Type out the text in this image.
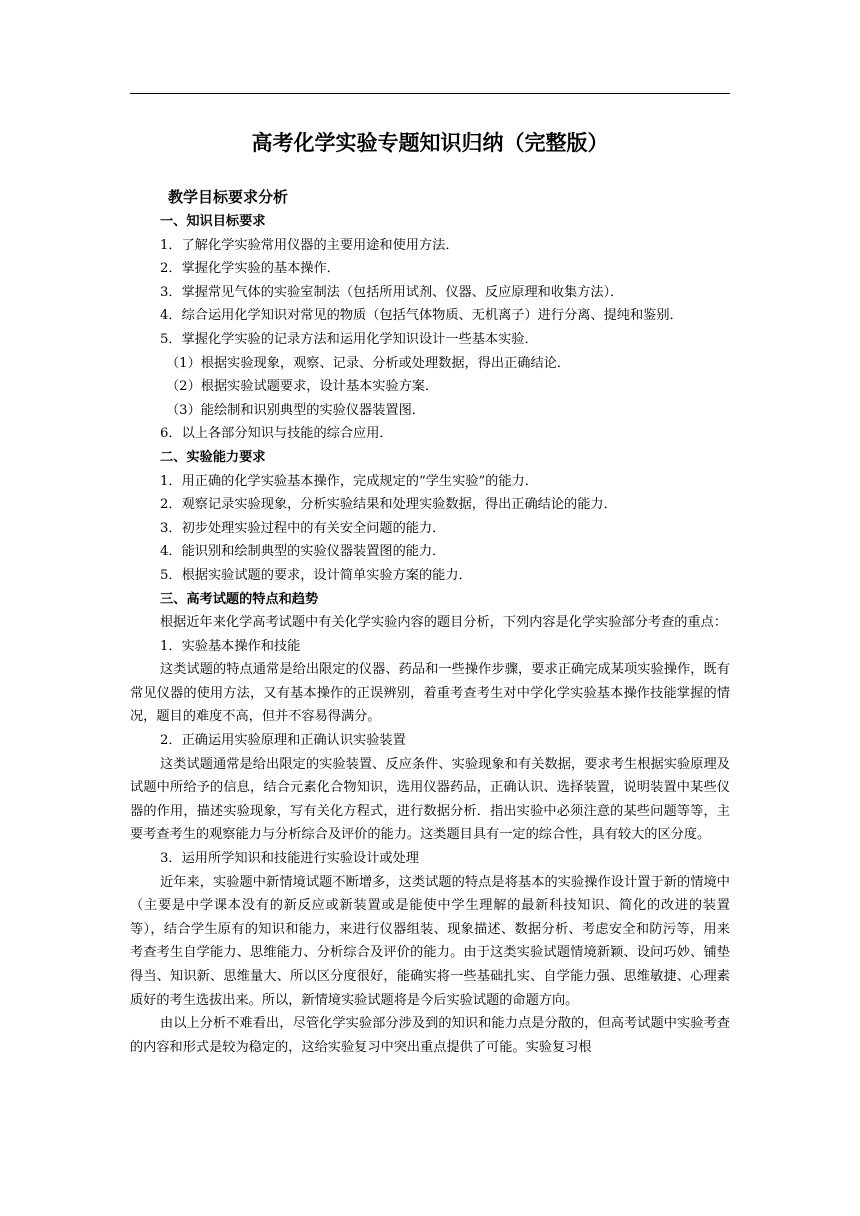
高考化学实验专题知识归纳（完整版）

教学目标要求分析

一、知识目标要求

1．了解化学实验常用仪器的主要用途和使用方法．

2．掌握化学实验的基本操作．

3．掌握常见气体的实验室制法（包括所用试剂、仪器、反应原理和收集方法）．

4．综合运用化学知识对常见的物质（包括气体物质、无机离子）进行分离、提纯和鉴别．

5．掌握化学实验的记录方法和运用化学知识设计一些基本实验．

（1）根据实验现象，观察、记录、分析或处理数据，得出正确结论．

（2）根据实验试题要求，设计基本实验方案．

（3）能绘制和识别典型的实验仪器装置图．

6．以上各部分知识与技能的综合应用．

二、实验能力要求

1．用正确的化学实验基本操作，完成规定的“学生实验”的能力．

2．观察记录实验现象，分析实验结果和处理实验数据，得出正确结论的能力．

3．初步处理实验过程中的有关安全问题的能力．

4．能识别和绘制典型的实验仪器装置图的能力．

5．根据实验试题的要求，设计简单实验方案的能力．

三、高考试题的特点和趋势

根据近年来化学高考试题中有关化学实验内容的题目分析，下列内容是化学实验部分考查的重点：

1．实验基本操作和技能

这类试题的特点通常是给出限定的仪器、药品和一些操作步骤，要求正确完成某项实验操作，既有常见仪器的使用方法，又有基本操作的正误辨别，着重考查考生对中学化学实验基本操作技能掌握的情况，题目的难度不高，但并不容易得满分。

2．正确运用实验原理和正确认识实验装置

这类试题通常是给出限定的实验装置、反应条件、实验现象和有关数据，要求考生根据实验原理及试题中所给予的信息，结合元素化合物知识，选用仪器药品，正确认识、选择装置，说明装置中某些仪器的作用，描述实验现象，写有关化方程式，进行数据分析．指出实验中必须注意的某些问题等等，主要考查考生的观察能力与分析综合及评价的能力。这类题目具有一定的综合性，具有较大的区分度。

3．运用所学知识和技能进行实验设计或处理

近年来，实验题中新情境试题不断增多，这类试题的特点是将基本的实验操作设计置于新的情境中（主要是中学课本没有的新反应或新装置或是能使中学生理解的最新科技知识、简化的改进的装置等），结合学生原有的知识和能力，来进行仪器组装、现象描述、数据分析、考虑安全和防污等，用来考查考生自学能力、思维能力、分析综合及评价的能力。由于这类实验试题情境新颖、设问巧妙、铺垫得当、知识新、思维量大、所以区分度很好，能确实将一些基础扎实、自学能力强、思维敏捷、心理素质好的考生选拔出来。所以，新情境实验试题将是今后实验试题的命题方向。

由以上分析不难看出，尽管化学实验部分涉及到的知识和能力点是分散的，但高考试题中实验考查的内容和形式是较为稳定的，这给实验复习中突出重点提供了可能。实验复习根
